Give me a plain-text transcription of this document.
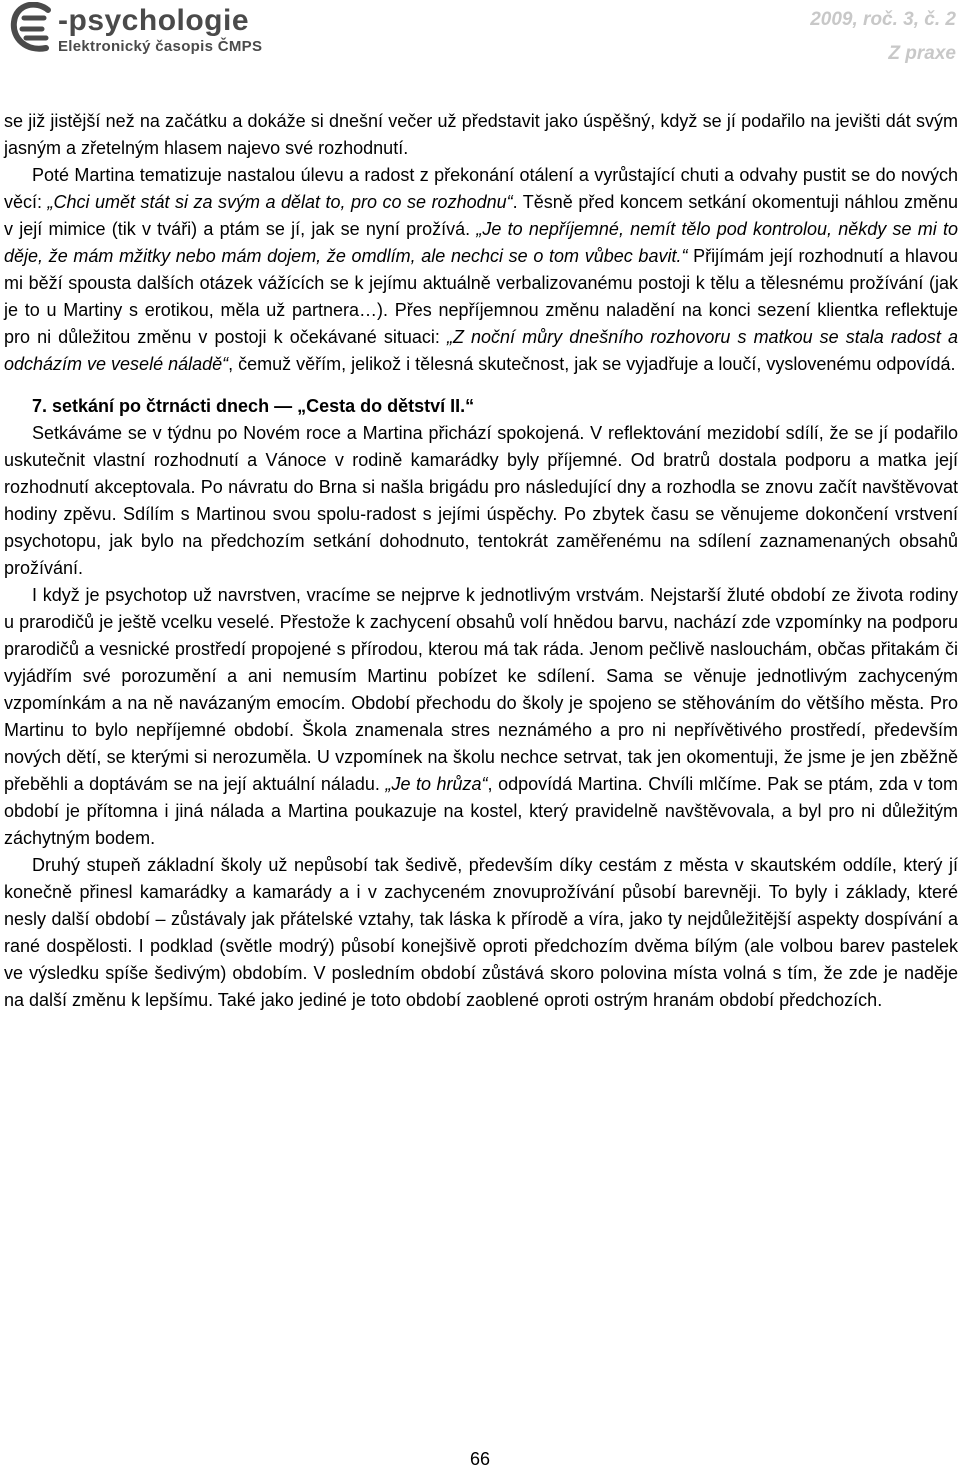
-psychologie
Elektronický časopis ČMPS
2009, roč. 3, č. 2
Z praxe

se již jistější než na začátku a dokáže si dnešní večer už představit jako úspěšný, když se jí podařilo na jevišti dát svým jasným a zřetelným hlasem najevo své rozhodnutí.

Poté Martina tematizuje nastalou úlevu a radost z překonání otálení a vyrůstající chuti a odvahy pustit se do nových věcí: „Chci umět stát si za svým a dělat to, pro co se rozhodnu“. Těsně před koncem setkání okomentuji náhlou změnu v její mimice (tik v tváři) a ptám se jí, jak se nyní prožívá. „Je to nepříjemné, nemít tělo pod kontrolou, někdy se mi to děje, že mám mžitky nebo mám dojem, že omdlím, ale nechci se o tom vůbec bavit.“ Přijímám její rozhodnutí a hlavou mi běží spousta dalších otázek vážících se k jejímu aktuálně verbalizovanému postoji k tělu a tělesnému prožívání (jak je to u Martiny s erotikou, měla už partnera…). Přes nepříjemnou změnu naladění na konci sezení klientka reflektuje pro ni důležitou změnu v postoji k očekávané situaci: „Z noční můry dnešního rozhovoru s matkou se stala radost a odcházím ve veselé náladě“, čemuž věřím, jelikož i tělesná skutečnost, jak se vyjadřuje a loučí, vyslovenému odpovídá.

7. setkání po čtrnácti dnech — „Cesta do dětství II.“

Setkáváme se v týdnu po Novém roce a Martina přichází spokojená. V reflektování mezidobí sdílí, že se jí podařilo uskutečnit vlastní rozhodnutí a Vánoce v rodině kamarádky byly příjemné. Od bratrů dostala podporu a matka její rozhodnutí akceptovala. Po návratu do Brna si našla brigádu pro následující dny a rozhodla se znovu začít navštěvovat hodiny zpěvu. Sdílím s Martinou svou spolu-radost s jejími úspěchy. Po zbytek času se věnujeme dokončení vrstvení psychotopu, jak bylo na předchozím setkání dohodnuto, tentokrát zaměřenému na sdílení zaznamenaných obsahů prožívání.

I když je psychotop už navrstven, vracíme se nejprve k jednotlivým vrstvám. Nejstarší žluté období ze života rodiny u prarodičů je ještě vcelku veselé. Přestože k zachycení obsahů volí hnědou barvu, nachází zde vzpomínky na podporu prarodičů a vesnické prostředí propojené s přírodou, kterou má tak ráda. Jenom pečlivě naslouchám, občas přitakám či vyjádřím své porozumění a ani nemusím Martinu pobízet ke sdílení. Sama se věnuje jednotlivým zachyceným vzpomínkám a na ně navázaným emocím. Období přechodu do školy je spojeno se stěhováním do většího města. Pro Martinu to bylo nepříjemné období. Škola znamenala stres neznámého a pro ni nepřívětivého prostředí, především nových dětí, se kterými si nerozuměla. U vzpomínek na školu nechce setrvat, tak jen okomentuji, že jsme je jen zběžně přeběhli a doptávám se na její aktuální náladu. „Je to hrůza“, odpovídá Martina. Chvíli mlčíme. Pak se ptám, zda v tom období je přítomna i jiná nálada a Martina poukazuje na kostel, který pravidelně navštěvovala, a byl pro ni důležitým záchytným bodem.

Druhý stupeň základní školy už nepůsobí tak šedivě, především díky cestám z města v skautském oddíle, který jí konečně přinesl kamarádky a kamarády a i v zachyceném znovuprožívání působí barevněji. To byly i základy, které nesly další období – zůstávaly jak přátelské vztahy, tak láska k přírodě a víra, jako ty nejdůležitější aspekty dospívání a rané dospělosti. I podklad (světle modrý) působí konejšivě oproti předchozím dvěma bílým (ale volbou barev pastelek ve výsledku spíše šedivým) obdobím. V posledním období zůstává skoro polovina místa volná s tím, že zde je naděje na další změnu k lepšímu. Také jako jediné je toto období zaoblené oproti ostrým hranám období předchozích.

66
